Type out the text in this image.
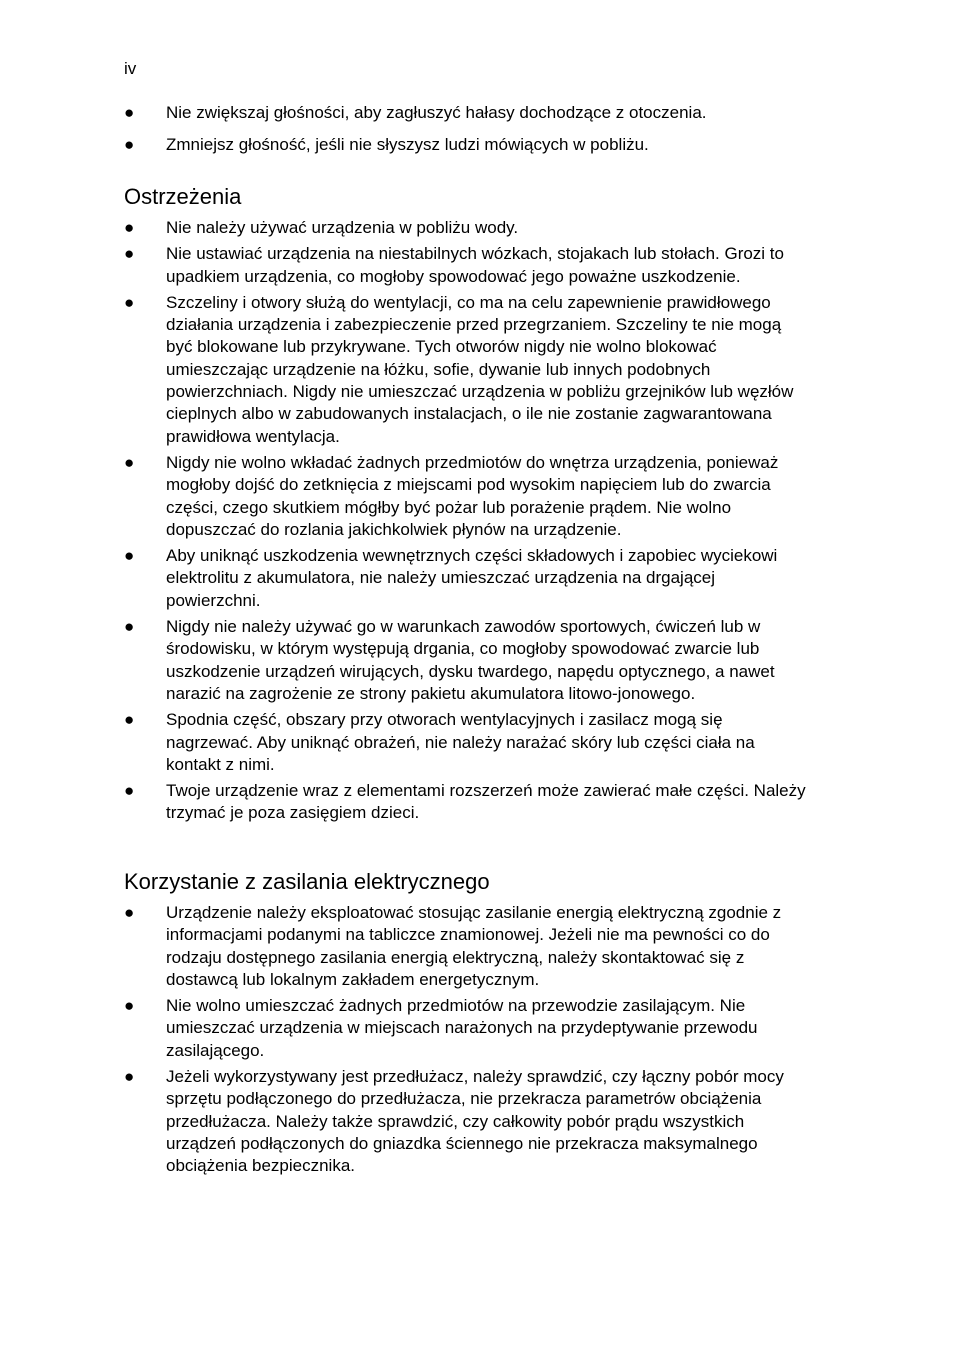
iv
● Nie zwiększaj głośności, aby zagłuszyć hałasy dochodzące z otoczenia.
● Zmniejsz głośność, jeśli nie słyszysz ludzi mówiących w pobliżu.
Ostrzeżenia
● Nie należy używać urządzenia w pobliżu wody.
● Nie ustawiać urządzenia na niestabilnych wózkach, stojakach lub stołach. Grozi to upadkiem urządzenia, co mogłoby spowodować jego poważne uszkodzenie.
● Szczeliny i otwory służą do wentylacji, co ma na celu zapewnienie prawidłowego działania urządzenia i zabezpieczenie przed przegrzaniem. Szczeliny te nie mogą być blokowane lub przykrywane. Tych otworów nigdy nie wolno blokować umieszczając urządzenie na łóżku, sofie, dywanie lub innych podobnych powierzchniach. Nigdy nie umieszczać urządzenia w pobliżu grzejników lub węzłów cieplnych albo w zabudowanych instalacjach, o ile nie zostanie zagwarantowana prawidłowa wentylacja.
● Nigdy nie wolno wkładać żadnych przedmiotów do wnętrza urządzenia, ponieważ mogłoby dojść do zetknięcia z miejscami pod wysokim napięciem lub do zwarcia części, czego skutkiem mógłby być pożar lub porażenie prądem. Nie wolno dopuszczać do rozlania jakichkolwiek płynów na urządzenie.
● Aby uniknąć uszkodzenia wewnętrznych części składowych i zapobiec wyciekowi elektrolitu z akumulatora, nie należy umieszczać urządzenia na drgającej powierzchni.
● Nigdy nie należy używać go w warunkach zawodów sportowych, ćwiczeń lub w środowisku, w którym występują drgania, co mogłoby spowodować zwarcie lub uszkodzenie urządzeń wirujących, dysku twardego, napędu optycznego, a nawet narazić na zagrożenie ze strony pakietu akumulatora litowo-jonowego.
● Spodnia część, obszary przy otworach wentylacyjnych i zasilacz mogą się nagrzewać. Aby uniknąć obrażeń, nie należy narażać skóry lub części ciała na kontakt z nimi.
● Twoje urządzenie wraz z elementami rozszerzeń może zawierać małe części. Należy trzymać je poza zasięgiem dzieci.
Korzystanie z zasilania elektrycznego
● Urządzenie należy eksploatować stosując zasilanie energią elektryczną zgodnie z informacjami podanymi na tabliczce znamionowej. Jeżeli nie ma pewności co do rodzaju dostępnego zasilania energią elektryczną, należy skontaktować się z dostawcą lub lokalnym zakładem energetycznym.
● Nie wolno umieszczać żadnych przedmiotów na przewodzie zasilającym. Nie umieszczać urządzenia w miejscach narażonych na przydeptywanie przewodu zasilającego.
● Jeżeli wykorzystywany jest przedłużacz, należy sprawdzić, czy łączny pobór mocy sprzętu podłączonego do przedłużacza, nie przekracza parametrów obciążenia przedłużacza. Należy także sprawdzić, czy całkowity pobór prądu wszystkich urządzeń podłączonych do gniazdka ściennego nie przekracza maksymalnego obciążenia bezpiecznika.
